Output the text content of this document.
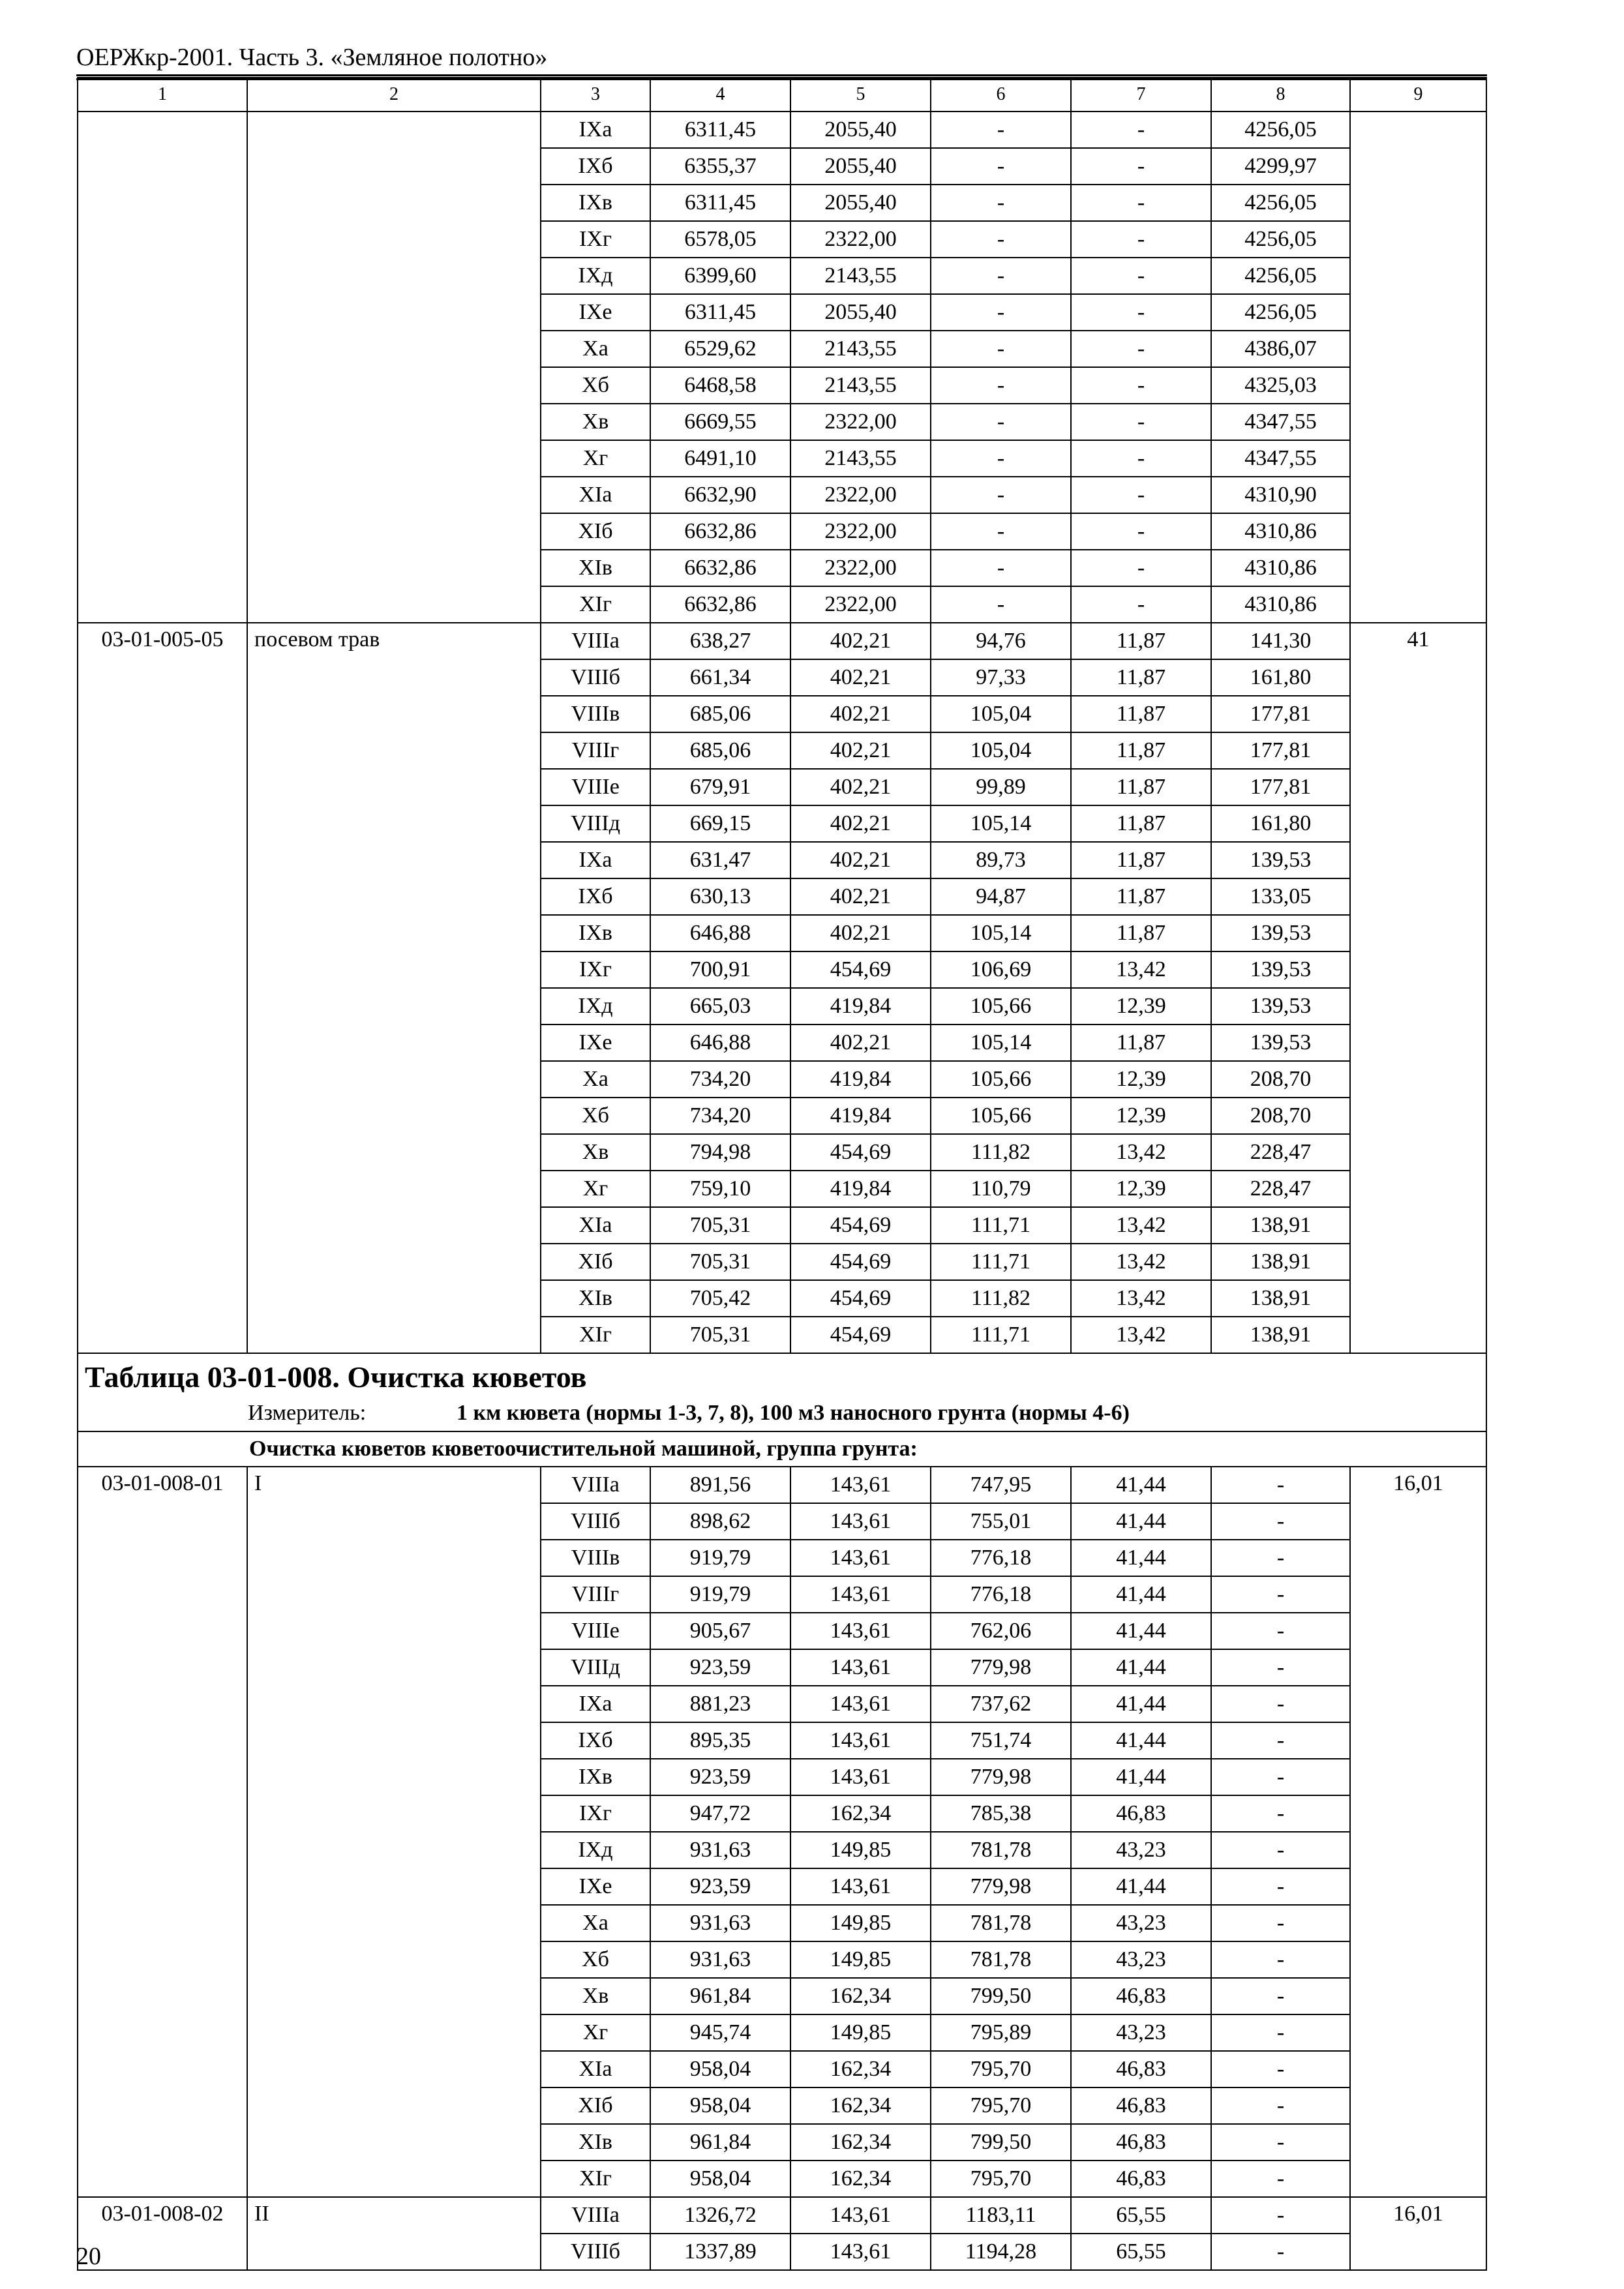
ОЕРЖкр-2001. Часть 3. «Земляное полотно»
1	2	3	4	5	6	7	8	9
		IXа	6311,45	2055,40	-	-	4256,05	
		IXб	6355,37	2055,40	-	-	4299,97	
		IXв	6311,45	2055,40	-	-	4256,05	
		IXг	6578,05	2322,00	-	-	4256,05	
		IXд	6399,60	2143,55	-	-	4256,05	
		IXе	6311,45	2055,40	-	-	4256,05	
		Xа	6529,62	2143,55	-	-	4386,07	
		Xб	6468,58	2143,55	-	-	4325,03	
		Xв	6669,55	2322,00	-	-	4347,55	
		Xг	6491,10	2143,55	-	-	4347,55	
		XIа	6632,90	2322,00	-	-	4310,90	
		XIб	6632,86	2322,00	-	-	4310,86	
		XIв	6632,86	2322,00	-	-	4310,86	
		XIг	6632,86	2322,00	-	-	4310,86	
03-01-005-05	посевом трав	VIIIа	638,27	402,21	94,76	11,87	141,30	41
		VIIIб	661,34	402,21	97,33	11,87	161,80	
		VIIIв	685,06	402,21	105,04	11,87	177,81	
		VIIIг	685,06	402,21	105,04	11,87	177,81	
		VIIIе	679,91	402,21	99,89	11,87	177,81	
		VIIIд	669,15	402,21	105,14	11,87	161,80	
		IXа	631,47	402,21	89,73	11,87	139,53	
		IXб	630,13	402,21	94,87	11,87	133,05	
		IXв	646,88	402,21	105,14	11,87	139,53	
		IXг	700,91	454,69	106,69	13,42	139,53	
		IXд	665,03	419,84	105,66	12,39	139,53	
		IXе	646,88	402,21	105,14	11,87	139,53	
		Xа	734,20	419,84	105,66	12,39	208,70	
		Xб	734,20	419,84	105,66	12,39	208,70	
		Xв	794,98	454,69	111,82	13,42	228,47	
		Xг	759,10	419,84	110,79	12,39	228,47	
		XIа	705,31	454,69	111,71	13,42	138,91	
		XIб	705,31	454,69	111,71	13,42	138,91	
		XIв	705,42	454,69	111,82	13,42	138,91	
		XIг	705,31	454,69	111,71	13,42	138,91	

Таблица 03-01-008. Очистка кюветов
Измеритель: 1 км кювета (нормы 1-3, 7, 8), 100 м3 наносного грунта (нормы 4-6)								

Очистка кюветов кюветоочистительной машиной, группа грунта:								
03-01-008-01	I	VIIIа	891,56	143,61	747,95	41,44	-	16,01
		VIIIб	898,62	143,61	755,01	41,44	-	
		VIIIв	919,79	143,61	776,18	41,44	-	
		VIIIг	919,79	143,61	776,18	41,44	-	
		VIIIе	905,67	143,61	762,06	41,44	-	
		VIIIд	923,59	143,61	779,98	41,44	-	
		IXа	881,23	143,61	737,62	41,44	-	
		IXб	895,35	143,61	751,74	41,44	-	
		IXв	923,59	143,61	779,98	41,44	-	
		IXг	947,72	162,34	785,38	46,83	-	
		IXд	931,63	149,85	781,78	43,23	-	
		IXе	923,59	143,61	779,98	41,44	-	
		Xа	931,63	149,85	781,78	43,23	-	
		Xб	931,63	149,85	781,78	43,23	-	
		Xв	961,84	162,34	799,50	46,83	-	
		Xг	945,74	149,85	795,89	43,23	-	
		XIа	958,04	162,34	795,70	46,83	-	
		XIб	958,04	162,34	795,70	46,83	-	
		XIв	961,84	162,34	799,50	46,83	-	
		XIг	958,04	162,34	795,70	46,83	-	
03-01-008-02	II	VIIIа	1326,72	143,61	1183,11	65,55	-	16,01
		VIIIб	1337,89	143,61	1194,28	65,55	-	
20
